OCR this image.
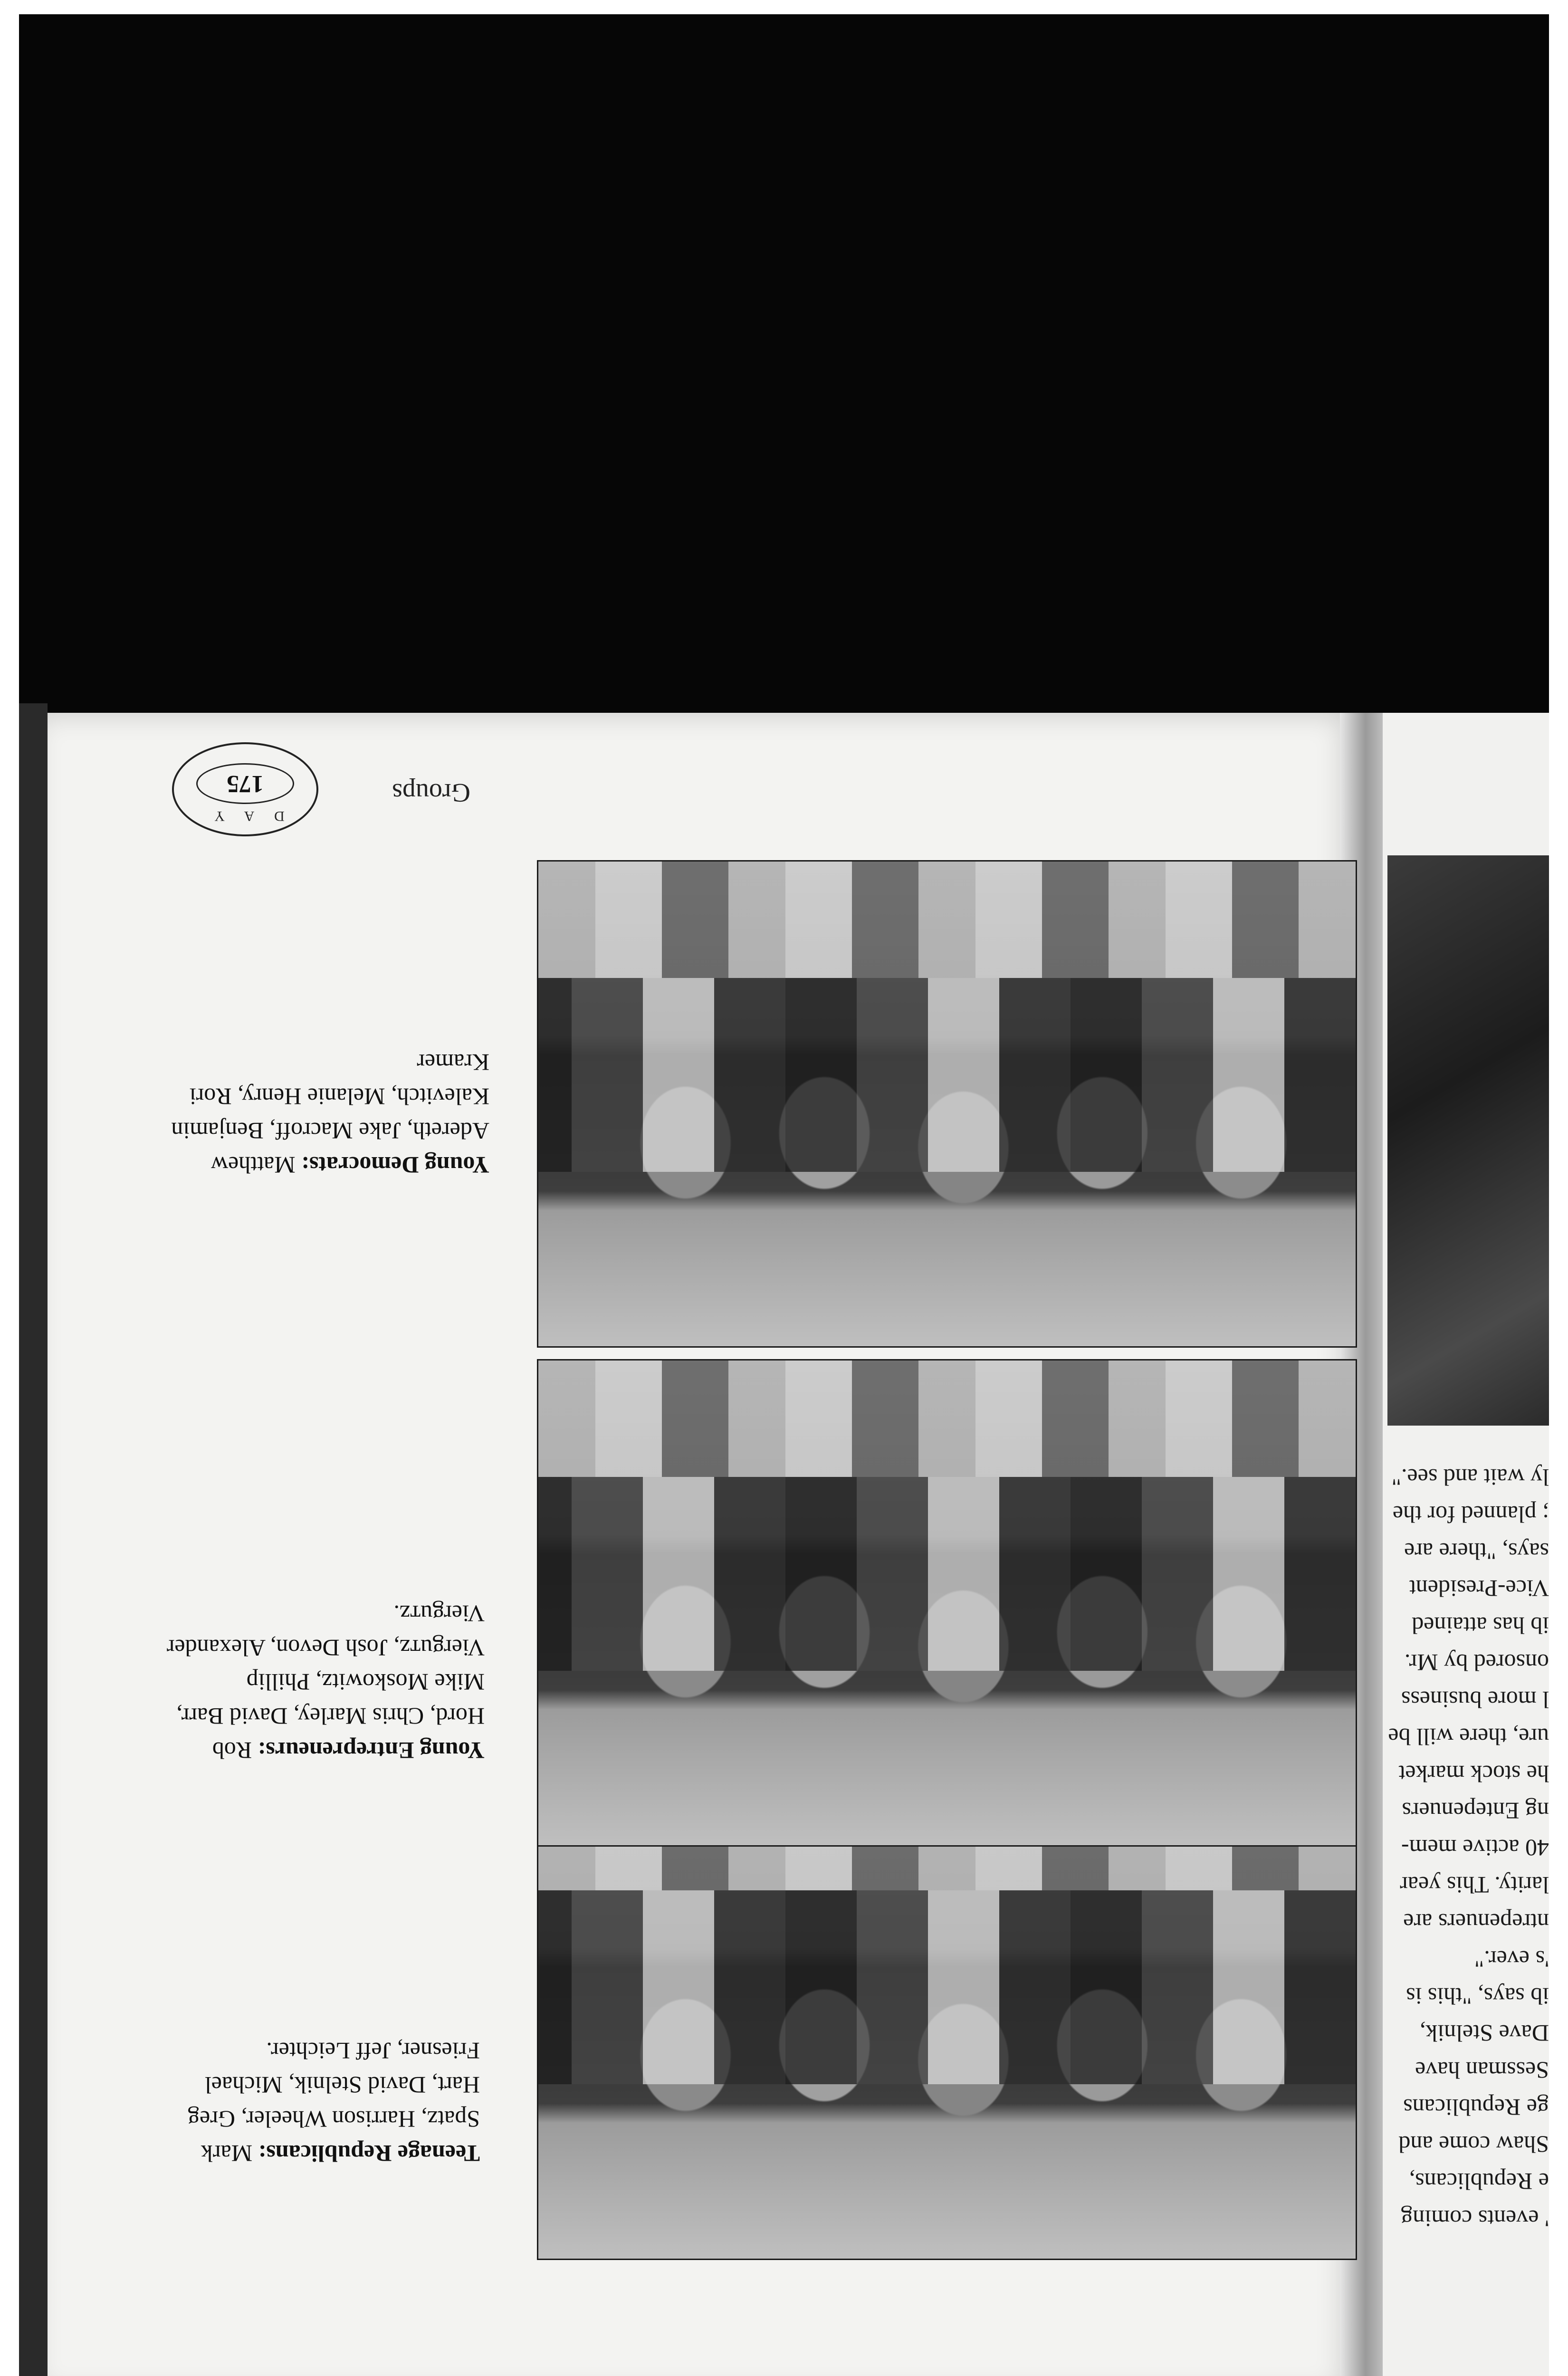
' events coming
e Republicans,
Shaw come and
ge Republicans
Sessman have
Dave Stelnik,
ib says, "this is
's ever."
ntrepenuers are
larity. This year
40 active mem-
ng Entepenuers
he stock market
ure, there will be
l more business
onsored by Mr.
ib has attained
Vice-President
says, "there are
; planned for the
ly wait and see."
Teenage Republicans: Mark Spatz, Harrison Wheeler, Greg Hart, David Stelnik, Michael Friesner, Jeff Leichter.
Young Entrepreneurs: Rob Hord, Chris Marley, David Barr, Mike Moskowitz, Phillip Vierguтz, Josh Devon, Alexander Vierguтz.
Young Democrats: Matthew Adereth, Jake Macroff, Benjamin Kalevitch, Melanie Henry, Rori Kramer
Groups
D A Y
175
